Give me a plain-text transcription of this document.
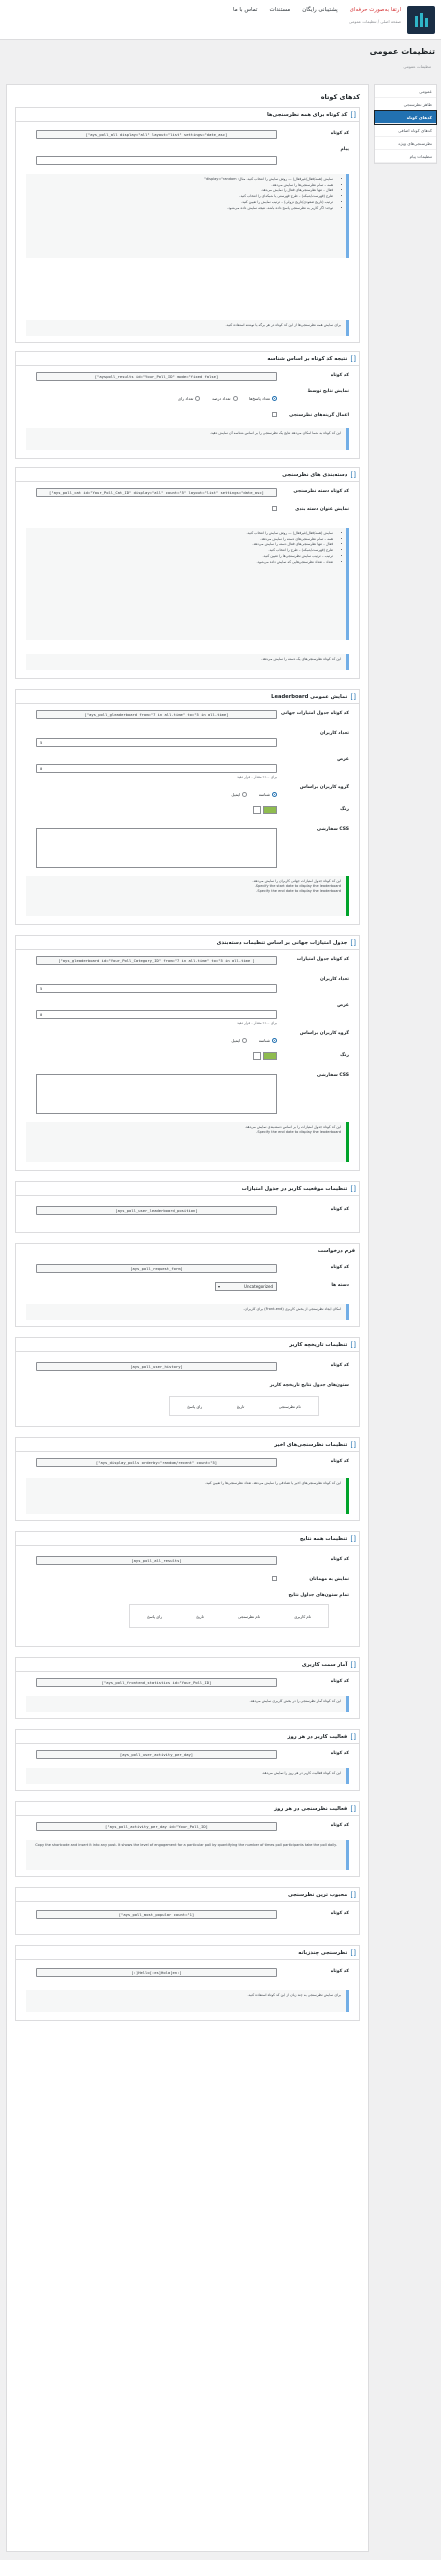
ارتقا به‌صورت حرفه‌ای
پشتیبانی رایگان
مستندات
تماس با ما
صفحه اصلی / تنظیمات عمومی
تنظیمات عمومی
تنظیمات عمومی
عمومی
ظاهر نظرسنجی
کدهای کوتاه
کدهای کوتاه اضافی
نظرسنجی‌های ویژه
تنظیمات پیام
کدهای کوتاه
[ ]
کد کوتاه برای همه نظرسنجی‌ها
کد کوتاه
[ays_poll_all display="all" layout="list" settings="date_asc"]
پیام
• نمایش (همه/فعال/غیرفعال) — روش نمایش را انتخاب کنید. مثال: display="random"
• همه – تمام نظرسنجی‌ها را نمایش می‌دهد.
• فعال – تنها نظرسنجی‌های فعال را نمایش می‌دهد.
• طرح (فهرست/شبکه) – طرح فهرستی یا شبکه‌ای را انتخاب کنید.
• ترتیب (تاریخ صعودی/تاریخ نزولی) – ترتیب نمایش را تعیین کنید.
• توجه: اگر کاربر به نظرسنجی پاسخ داده باشد، نتیجه نمایش داده می‌شود.
برای نمایش همه نظرسنجی‌ها از این کد کوتاه در هر برگه یا نوشته استفاده کنید.
[ ]
نتیجه کد کوتاه بر اساس شناسه
کد کوتاه
[ayspoll_results id="Your_Poll_ID" mode="fixed false"]
نمایش نتایج توسط
تعداد پاسخ‌ها

تعداد درصد

تعداد رای
اعمال گزینه‌های نظرسنجی
این کد کوتاه به شما امکان می‌دهد نتایج یک نظرسنجی را بر اساس شناسه آن نمایش دهید.
[ ]
دسته‌بندی های نظرسنجی
کد کوتاه دسته نظرسنجی
[ays_poll_cat id="Your_Poll_Cat_ID" display="all" count="5" layout="list" settings="date_asc"]
نمایش عنوان دسته بندی
• نمایش (همه/فعال/غیرفعال) — روش نمایش را انتخاب کنید.
• همه – تمام نظرسنجی‌های دسته را نمایش می‌دهد.
• فعال – تنها نظرسنجی‌های فعال دسته را نمایش می‌دهد.
• طرح (فهرست/شبکه) – طرح را انتخاب کنید.
• ترتیب – ترتیب نمایش نظرسنجی‌ها را تعیین کنید.
• تعداد – تعداد نظرسنجی‌هایی که نمایش داده می‌شود.
این کد کوتاه نظرسنجی‌های یک دسته را نمایش می‌دهد.
[ ]
نمایش عمومی Leaderboard
کد کوتاه جدول امتیازات جهانی
[ays_poll_gleaderboard from="7 in all-time" to="5 in all-time"]
تعداد کاربران
5
عرض
0
برای ۱۰۰٪ مقدار ۰ قرار دهید
گروه کاربران براساس
شناسه

ایمیل
رنگ
CSS سفارشی
این کد کوتاه جدول امتیازات جهانی کاربران را نمایش می‌دهد.
Specify the start date to display the leaderboard.
Specify the end date to display the leaderboard.
[ ]
جدول امتیازات جهانی بر اساس تنظیمات دسته‌بندی
کد کوتاه جدول امتیازات
[ ays_gleaderboard id="Your_Poll_Category_ID" from="7 in all-time" to="5 in all-time"]
تعداد کاربران
5
عرض
0
برای ۱۰۰٪ مقدار ۰ قرار دهید
گروه کاربران براساس
شناسه

ایمیل
رنگ
CSS سفارشی
این کد کوتاه جدول امتیازات را بر اساس دسته‌بندی نمایش می‌دهد.
Specify the end date to display the leaderboard.
[ ]
تنظیمات موقعیت کاربر در جدول امتیازات
کد کوتاه
[ays_poll_user_leaderboard_position]
فرم درخواست
کد کوتاه
[ays_poll_request_form]
دسته ها
Uncategorized ▾
امکان ایجاد نظرسنجی از بخش کاربری (Front-end) برای کاربران.
[ ]
تنظیمات تاریخچه کاربر
کد کوتاه
[ays_poll_user_history]
ستون‌های جدول نتایج تاریخچه کاربر
نام نظرسنجی
تاریخ
رای پاسخ
[ ]
تنظیمات نظرسنجی‌های اخیر
کد کوتاه
[ays_display_polls orderby="random/recent" count="5"]
این کد کوتاه نظرسنجی‌های اخیر یا تصادفی را نمایش می‌دهد. تعداد نظرسنجی‌ها را تعیین کنید.
[ ]
تنظیمات همه نتایج
کد کوتاه
[ays_poll_all_results]
نمایش به مهمانان
تمام ستون‌های جداول نتایج
نام کاربری
نام نظرسنجی
تاریخ
رای پاسخ
[ ]
آمار سمت کاربری
کد کوتاه
[ays_poll_frontend_statistics id="Your_Poll_ID"]
این کد کوتاه آمار نظرسنجی را در بخش کاربری نمایش می‌دهد.
[ ]
فعالیت کاربر در هر روز
کد کوتاه
[ays_poll_user_activity_per_day]
این کد کوتاه فعالیت کاربر در هر روز را نمایش می‌دهد.
[ ]
فعالیت نظرسنجی در هر روز
کد کوتاه
[ays_poll_activity_per_day id="Your_Poll_ID"]
Copy the shortcode and insert it into any post. It shows the level of engagement for a particular poll by quantifying the number of times poll participants take the poll daily.
[ ]
محبوب ترین نظرسنجی
کد کوتاه
[ays_poll_most_popular count="1"]
[ ]
نظرسنجی چندزبانه
کد کوتاه
[:en]Hello[:es]Hola[:]
برای نمایش نظرسنجی به چند زبان از این کد کوتاه استفاده کنید.
